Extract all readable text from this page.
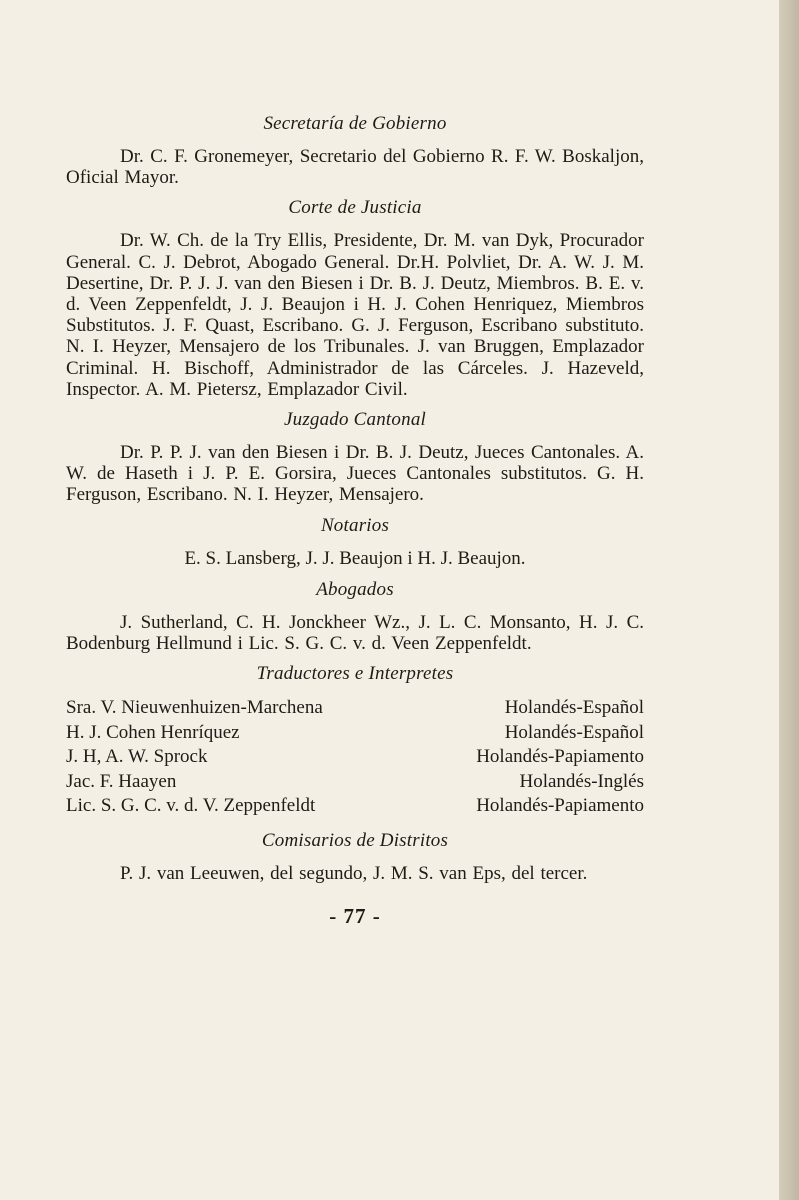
Secretaría de Gobierno

Dr. C. F. Gronemeyer, Secretario del Gobierno R. F. W. Boskaljon, Oficial Mayor.

Corte de Justicia

Dr. W. Ch. de la Try Ellis, Presidente, Dr. M. van Dyk, Procurador General. C. J. Debrot, Abogado General. Dr.H. Polvliet, Dr. A. W. J. M. Desertine, Dr. P. J. J. van den Biesen i Dr. B. J. Deutz, Miembros. B. E. v. d. Veen Zeppenfeldt, J. J. Beaujon i H. J. Cohen Henriquez, Miembros Substitutos. J. F. Quast, Escribano. G. J. Ferguson, Escribano substituto. N. I. Heyzer, Mensajero de los Tribunales. J. van Bruggen, Emplazador Criminal. H. Bischoff, Administrador de las Cárceles. J. Hazeveld, Inspector. A. M. Pietersz, Emplazador Civil.

Juzgado Cantonal

Dr. P. P. J. van den Biesen i Dr. B. J. Deutz, Jueces Cantonales. A. W. de Haseth i J. P. E. Gorsira, Jueces Cantonales substitutos. G. H. Ferguson, Escribano. N. I. Heyzer, Mensajero.

Notarios

E. S. Lansberg, J. J. Beaujon i H. J. Beaujon.

Abogados

J. Sutherland, C. H. Jonckheer Wz., J. L. C. Monsanto, H. J. C. Bodenburg Hellmund i Lic. S. G. C. v. d. Veen Zeppenfeldt.

Traductores e Interpretes
Sra. V. Nieuwenhuizen-Marchena	Holandés-Español
H. J. Cohen Henríquez	Holandés-Español
J. H, A. W. Sprock	Holandés-Papiamento
Jac. F. Haayen	Holandés-Inglés
Lic. S. G. C. v. d. V. Zeppenfeldt	Holandés-Papiamento
Comisarios de Distritos

P. J. van Leeuwen, del segundo, J. M. S. van Eps, del tercer.

- 77 -
